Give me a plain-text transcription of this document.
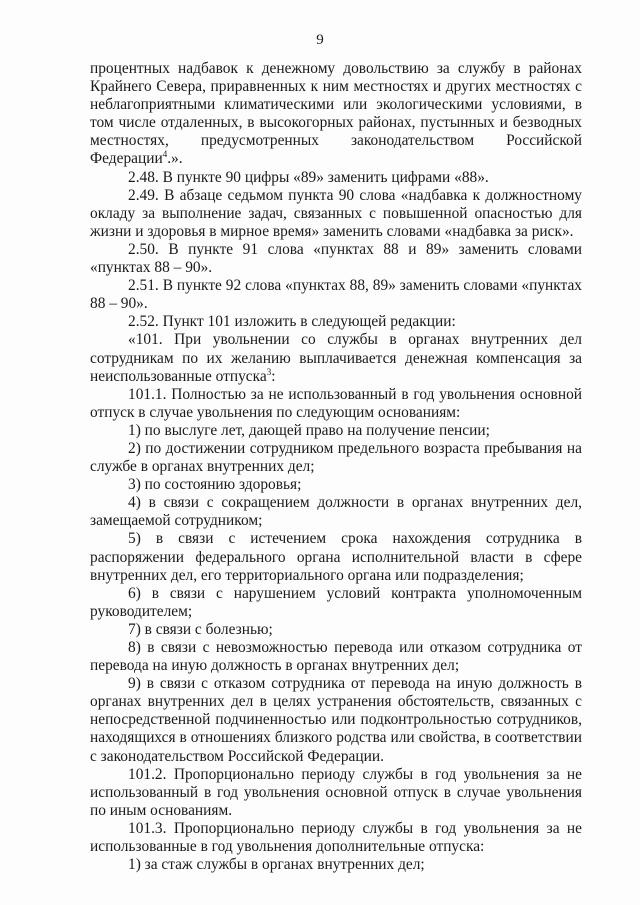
9

процентных надбавок к денежному довольствию за службу в районах Крайнего Севера, приравненных к ним местностях и других местностях с неблагоприятными климатическими или экологическими условиями, в том числе отдаленных, в высокогорных районах, пустынных и безводных местностях, предусмотренных законодательством Российской Федерации$^4$.».

2.48. В пункте 90 цифры «89» заменить цифрами «88».

2.49. В абзаце седьмом пункта 90 слова «надбавка к должностному окладу за выполнение задач, связанных с повышенной опасностью для жизни и здоровья в мирное время» заменить словами «надбавка за риск».

2.50. В пункте 91 слова «пунктах 88 и 89» заменить словами «пунктах 88 – 90».

2.51. В пункте 92 слова «пунктах 88, 89» заменить словами «пунктах 88 – 90».

2.52. Пункт 101 изложить в следующей редакции:

«101. При увольнении со службы в органах внутренних дел сотрудникам по их желанию выплачивается денежная компенсация за неиспользованные отпуска$^3$:

101.1. Полностью за не использованный в год увольнения основной отпуск в случае увольнения по следующим основаниям:

1) по выслуге лет, дающей право на получение пенсии;

2) по достижении сотрудником предельного возраста пребывания на службе в органах внутренних дел;

3) по состоянию здоровья;

4) в связи с сокращением должности в органах внутренних дел, замещаемой сотрудником;

5) в связи с истечением срока нахождения сотрудника в распоряжении федерального органа исполнительной власти в сфере внутренних дел, его территориального органа или подразделения;

6) в связи с нарушением условий контракта уполномоченным руководителем;

7) в связи с болезнью;

8) в связи с невозможностью перевода или отказом сотрудника от перевода на иную должность в органах внутренних дел;

9) в связи с отказом сотрудника от перевода на иную должность в органах внутренних дел в целях устранения обстоятельств, связанных с непосредственной подчиненностью или подконтрольностью сотрудников, находящихся в отношениях близкого родства или свойства, в соответствии с законодательством Российской Федерации.

101.2. Пропорционально периоду службы в год увольнения за не использованный в год увольнения основной отпуск в случае увольнения по иным основаниям.

101.3. Пропорционально периоду службы в год увольнения за не использованные в год увольнения дополнительные отпуска:

1) за стаж службы в органах внутренних дел;
